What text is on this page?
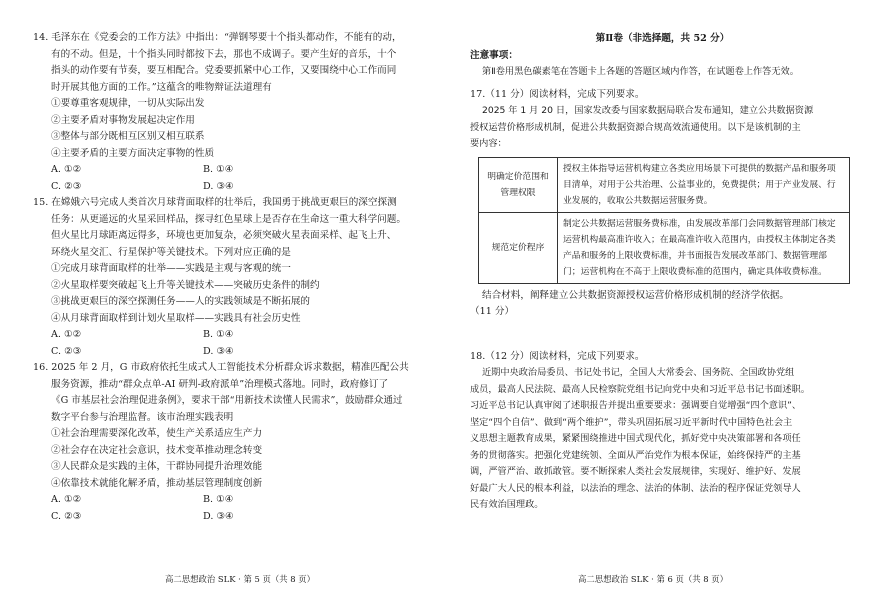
14. 毛泽东在《党委会的工作方法》中指出：“弹钢琴要十个指头都动作，不能有的动，
有的不动。但是，十个指头同时都按下去，那也不成调子。要产生好的音乐，十个
指头的动作要有节奏，要互相配合。党委要抓紧中心工作，又要围绕中心工作而同
时开展其他方面的工作。”这蕴含的唯物辩证法道理有
①要尊重客观规律，一切从实际出发
②主要矛盾对事物发展起决定作用
③整体与部分既相互区别又相互联系
④主要矛盾的主要方面决定事物的性质
A. ①②	B. ①④
C. ②③	D. ③④
15. 在嫦娥六号完成人类首次月球背面取样的壮举后，我国勇于挑战更艰巨的深空探测
任务：从更遥远的火星采回样品，探寻红色星球上是否存在生命这一重大科学问题。
但火星比月球距离远得多，环境也更加复杂，必须突破火星表面采样、起飞上升、
环绕火星交汇、行星保护等关键技术。下列对应正确的是
①完成月球背面取样的壮举——实践是主观与客观的统一
②火星取样要突破起飞上升等关键技术——突破历史条件的制约
③挑战更艰巨的深空探测任务——人的实践领域是不断拓展的
④从月球背面取样到计划火星取样——实践具有社会历史性
A. ①②	B. ①④
C. ②③	D. ③④
16. 2025 年 2 月，G 市政府依托生成式人工智能技术分析群众诉求数据，精准匹配公共
服务资源，推动“群众点单-AI 研判-政府派单”治理模式落地。同时，政府修订了
《G 市基层社会治理促进条例》，要求干部“用新技术读懂人民需求”，鼓励群众通过
数字平台参与治理监督。该市治理实践表明
①社会治理需要深化改革，使生产关系适应生产力
②社会存在决定社会意识，技术变革推动理念转变
③人民群众是实践的主体，干群协同提升治理效能
④依靠技术就能化解矛盾，推动基层管理制度创新
A. ①②	B. ①④
C. ②③	D. ③④
第Ⅱ卷（非选择题，共 52 分）
注意事项：
第Ⅱ卷用黑色碳素笔在答题卡上各题的答题区域内作答，在试题卷上作答无效。
17.（11 分）阅读材料，完成下列要求。
2025 年 1 月 20 日，国家发改委与国家数据局联合发布通知，建立公共数据资源
授权运营价格形成机制，促进公共数据资源合规高效流通使用。以下是该机制的主
要内容：
明确定价范围和管理权限	授权主体指导运营机构建立各类应用场景下可提供的数据产品和服务项目清单，对用于公共治理、公益事业的，免费提供；用于产业发展、行业发展的，收取公共数据运营服务费。
规范定价程序	制定公共数据运营服务费标准，由发展改革部门会同数据管理部门核定运营机构最高准许收入；在最高准许收入范围内，由授权主体制定各类产品和服务的上限收费标准，并书面报告发展改革部门、数据管理部门；运营机构在不高于上限收费标准的范围内，确定具体收费标准。
结合材料，阐释建立公共数据资源授权运营价格形成机制的经济学依据。
（11 分）
18.（12 分）阅读材料，完成下列要求。
近期中央政治局委员、书记处书记，全国人大常委会、国务院、全国政协党组
成员，最高人民法院、最高人民检察院党组书记向党中央和习近平总书记书面述职。
习近平总书记认真审阅了述职报告并提出重要要求：强调要自觉增强“四个意识”、
坚定“四个自信”、做到“两个维护”，带头巩固拓展习近平新时代中国特色社会主
义思想主题教育成果，紧紧围绕推进中国式现代化，抓好党中央决策部署和各项任
务的贯彻落实。把强化党建统领、全面从严治党作为根本保证，始终保持严的主基
调，严管严治、敢抓敢管。要不断探索人类社会发展规律，实现好、维护好、发展
好最广大人民的根本利益，以法治的理念、法治的体制、法治的程序保证党领导人
民有效治国理政。
高二思想政治 SLK · 第 5 页（共 8 页）	高二思想政治 SLK · 第 6 页（共 8 页）
